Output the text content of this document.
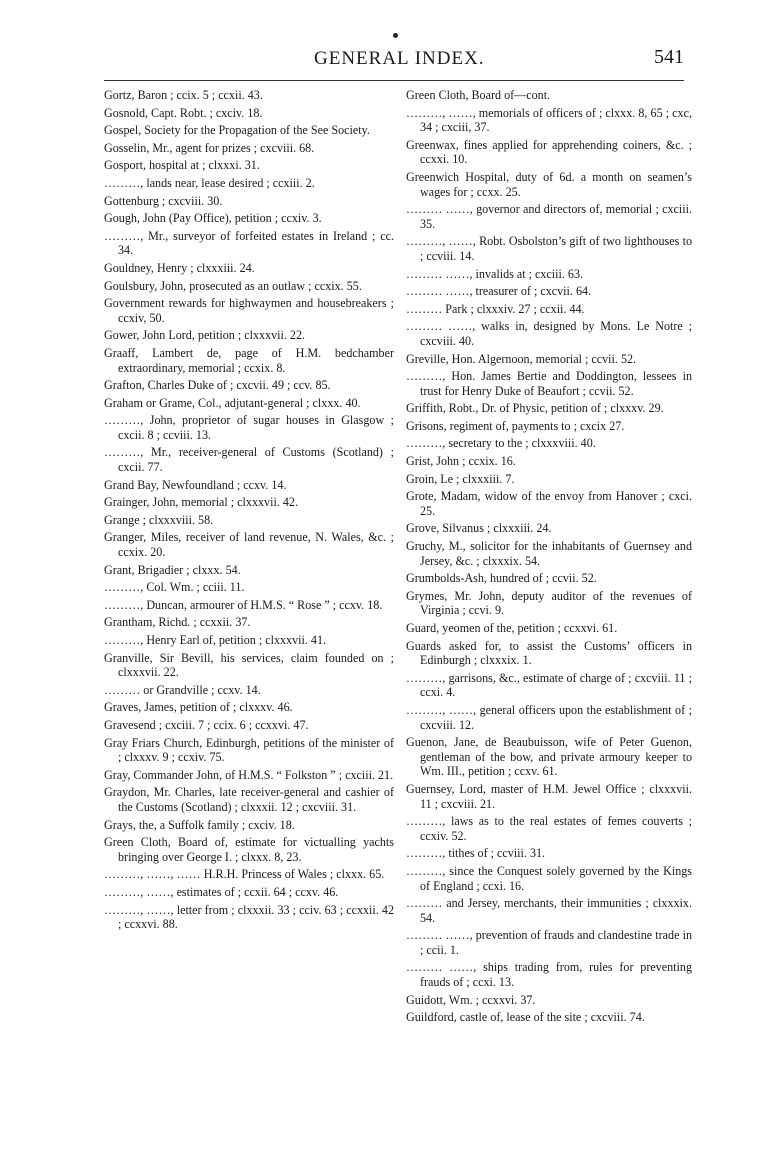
GENERAL INDEX.	541
Gortz, Baron ; ccix. 5 ; ccxii. 43.
Gosnold, Capt. Robt. ; cxciv. 18.
Gospel, Society for the Propagation of the See Society.
Gosselin, Mr., agent for prizes ; cxcviii. 68.
Gosport, hospital at ; clxxxi. 31.
………, lands near, lease desired ; ccxiii. 2.
Gottenburg ; cxcviii. 30.
Gough, John (Pay Office), petition ; ccxiv. 3.
………, Mr., surveyor of forfeited estates in Ireland ; cc. 34.
Gouldney, Henry ; clxxxiii. 24.
Goulsbury, John, prosecuted as an outlaw ; ccxix. 55.
Government rewards for highwaymen and housebreakers ; ccxiv, 50.
Gower, John Lord, petition ; clxxxvii. 22.
Graaff, Lambert de, page of H.M. bedchamber extraordinary, memorial ; ccxix. 8.
Grafton, Charles Duke of ; cxcvii. 49 ; ccv. 85.
Graham or Grame, Col., adjutant-general ; clxxx. 40.
………, John, proprietor of sugar houses in Glasgow ; cxcii. 8 ; ccviii. 13.
………, Mr., receiver-general of Customs (Scotland) ; cxcii. 77.
Grand Bay, Newfoundland ; ccxv. 14.
Grainger, John, memorial ; clxxxvii. 42.
Grange ; clxxxviii. 58.
Granger, Miles, receiver of land revenue, N. Wales, &c. ; ccxix. 20.
Grant, Brigadier ; clxxx. 54.
………, Col. Wm. ; cciii. 11.
………, Duncan, armourer of H.M.S. “ Rose ” ; ccxv. 18.
Grantham, Richd. ; ccxxii. 37.
………, Henry Earl of, petition ; clxxxvii. 41.
Granville, Sir Bevill, his services, claim founded on ; clxxxvii. 22.
……… or Grandville ; ccxv. 14.
Graves, James, petition of ; clxxxv. 46.
Gravesend ; cxciii. 7 ; ccix. 6 ; ccxxvi. 47.
Gray Friars Church, Edinburgh, petitions of the minister of ; clxxxv. 9 ; ccxiv. 75.
Gray, Commander John, of H.M.S. “ Folkston ” ; cxciii. 21.
Graydon, Mr. Charles, late receiver-general and cashier of the Customs (Scotland) ; clxxxii. 12 ; cxcviii. 31.
Grays, the, a Suffolk family ; cxciv. 18.
Green Cloth, Board of, estimate for victualling yachts bringing over George I. ; clxxx. 8, 23.
………, ……, …… H.R.H. Princess of Wales ; clxxx. 65.
………, ……, estimates of ; ccxii. 64 ; ccxv. 46.
………, ……, letter from ; clxxxii. 33 ; cciv. 63 ; ccxxii. 42 ; ccxxvi. 88.
Green Cloth, Board of—cont.
………, ……, memorials of officers of ; clxxx. 8, 65 ; cxc, 34 ; cxciii, 37.
Greenwax, fines applied for apprehending coiners, &c. ; ccxxi. 10.
Greenwich Hospital, duty of 6d. a month on seamen’s wages for ; ccxx. 25.
……… ……, governor and directors of, memorial ; cxciii. 35.
………, ……, Robt. Osbolston’s gift of two lighthouses to ; ccviii. 14.
……… ……, invalids at ; cxciii. 63.
……… ……, treasurer of ; cxcvii. 64.
……… Park ; clxxxiv. 27 ; ccxii. 44.
……… ……, walks in, designed by Mons. Le Notre ; cxcviii. 40.
Greville, Hon. Algernoon, memorial ; ccvii. 52.
………, Hon. James Bertie and Doddington, lessees in trust for Henry Duke of Beaufort ; ccvii. 52.
Griffith, Robt., Dr. of Physic, petition of ; clxxxv. 29.
Grisons, regiment of, payments to ; cxcix 27.
………, secretary to the ; clxxxviii. 40.
Grist, John ; ccxix. 16.
Groin, Le ; clxxxiii. 7.
Grote, Madam, widow of the envoy from Hanover ; cxci. 25.
Grove, Silvanus ; clxxxiii. 24.
Gruchy, M., solicitor for the inhabitants of Guernsey and Jersey, &c. ; clxxxix. 54.
Grumbolds-Ash, hundred of ; ccvii. 52.
Grymes, Mr. John, deputy auditor of the revenues of Virginia ; ccvi. 9.
Guard, yeomen of the, petition ; ccxxvi. 61.
Guards asked for, to assist the Customs’ officers in Edinburgh ; clxxxix. 1.
………, garrisons, &c., estimate of charge of ; cxcviii. 11 ; ccxi. 4.
………, ……, general officers upon the establishment of ; cxcviii. 12.
Guenon, Jane, de Beaubuisson, wife of Peter Guenon, gentleman of the bow, and private armoury keeper to Wm. III., petition ; ccxv. 61.
Guernsey, Lord, master of H.M. Jewel Office ; clxxxvii. 11 ; cxcviii. 21.
………, laws as to the real estates of femes couverts ; ccxiv. 52.
………, tithes of ; ccviii. 31.
………, since the Conquest solely governed by the Kings of England ; ccxi. 16.
……… and Jersey, merchants, their immunities ; clxxxix. 54.
……… ……, prevention of frauds and clandestine trade in ; ccii. 1.
……… ……, ships trading from, rules for preventing frauds of ; ccxi. 13.
Guidott, Wm. ; ccxxvi. 37.
Guildford, castle of, lease of the site ; cxcviii. 74.
